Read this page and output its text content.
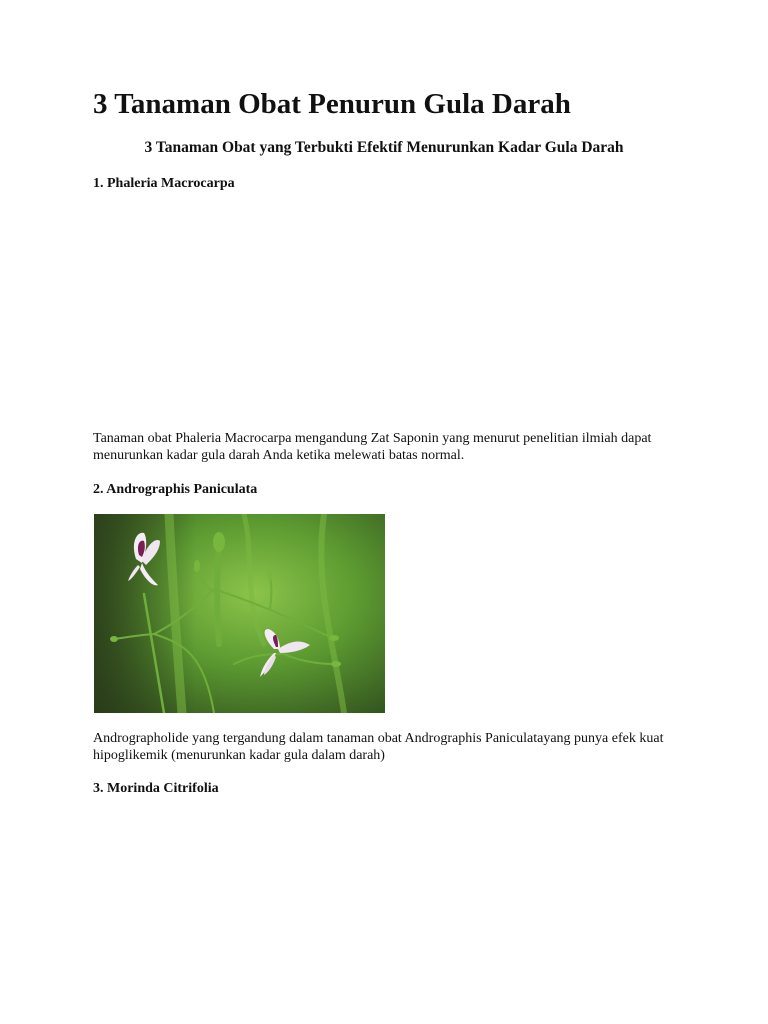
3 Tanaman Obat Penurun Gula Darah
3 Tanaman Obat yang Terbukti Efektif Menurunkan Kadar Gula Darah
1. Phaleria Macrocarpa

Tanaman obat Phaleria Macrocarpa mengandung Zat Saponin yang menurut penelitian ilmiah dapat menurunkan kadar gula darah Anda ketika melewati batas normal.

2. Andrographis Paniculata

Andrographolide yang tergandung dalam tanaman obat Andrographis Paniculatayang punya efek kuat hipoglikemik (menurunkan kadar gula dalam darah)

3. Morinda Citrifolia
